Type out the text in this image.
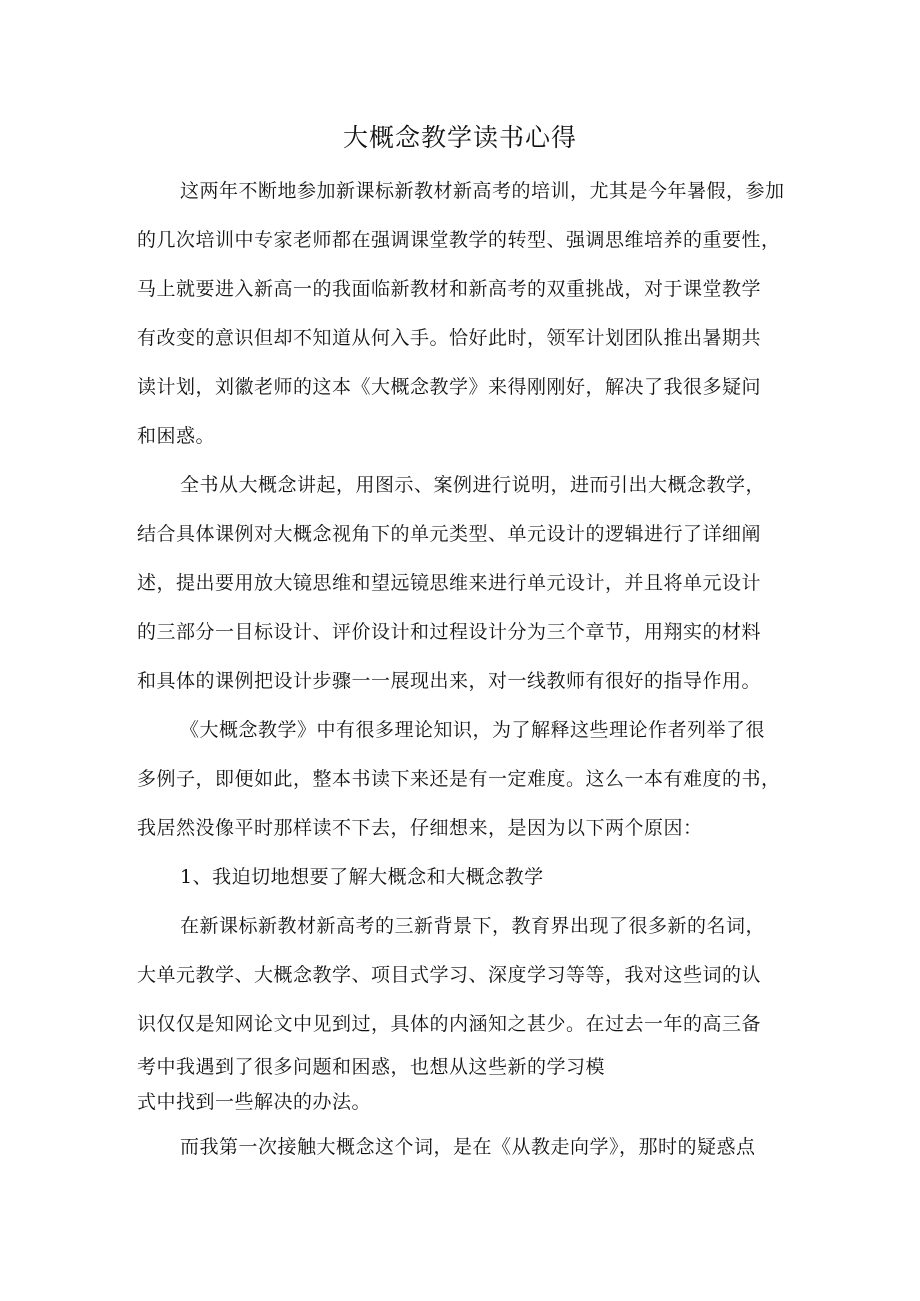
大概念教学读书心得
这两年不断地参加新课标新教材新高考的培训，尤其是今年暑假，参加
的几次培训中专家老师都在强调课堂教学的转型、强调思维培养的重要性，
马上就要进入新高一的我面临新教材和新高考的双重挑战，对于课堂教学
有改变的意识但却不知道从何入手。恰好此时，领军计划团队推出暑期共
读计划，刘徽老师的这本《大概念教学》来得刚刚好，解决了我很多疑问
和困惑。
全书从大概念讲起，用图示、案例进行说明，进而引出大概念教学，
结合具体课例对大概念视角下的单元类型、单元设计的逻辑进行了详细阐
述，提出要用放大镜思维和望远镜思维来进行单元设计，并且将单元设计
的三部分一目标设计、评价设计和过程设计分为三个章节，用翔实的材料
和具体的课例把设计步骤一一展现出来，对一线教师有很好的指导作用。
《大概念教学》中有很多理论知识，为了解释这些理论作者列举了很
多例子，即便如此，整本书读下来还是有一定难度。这么一本有难度的书，
我居然没像平时那样读不下去，仔细想来，是因为以下两个原因：
1、我迫切地想要了解大概念和大概念教学
在新课标新教材新高考的三新背景下，教育界出现了很多新的名词，
大单元教学、大概念教学、项目式学习、深度学习等等，我对这些词的认
识仅仅是知网论文中见到过，具体的内涵知之甚少。在过去一年的高三备
考中我遇到了很多问题和困惑，也想从这些新的学习模
式中找到一些解决的办法。
而我第一次接触大概念这个词，是在《从教走向学》，那时的疑惑点
